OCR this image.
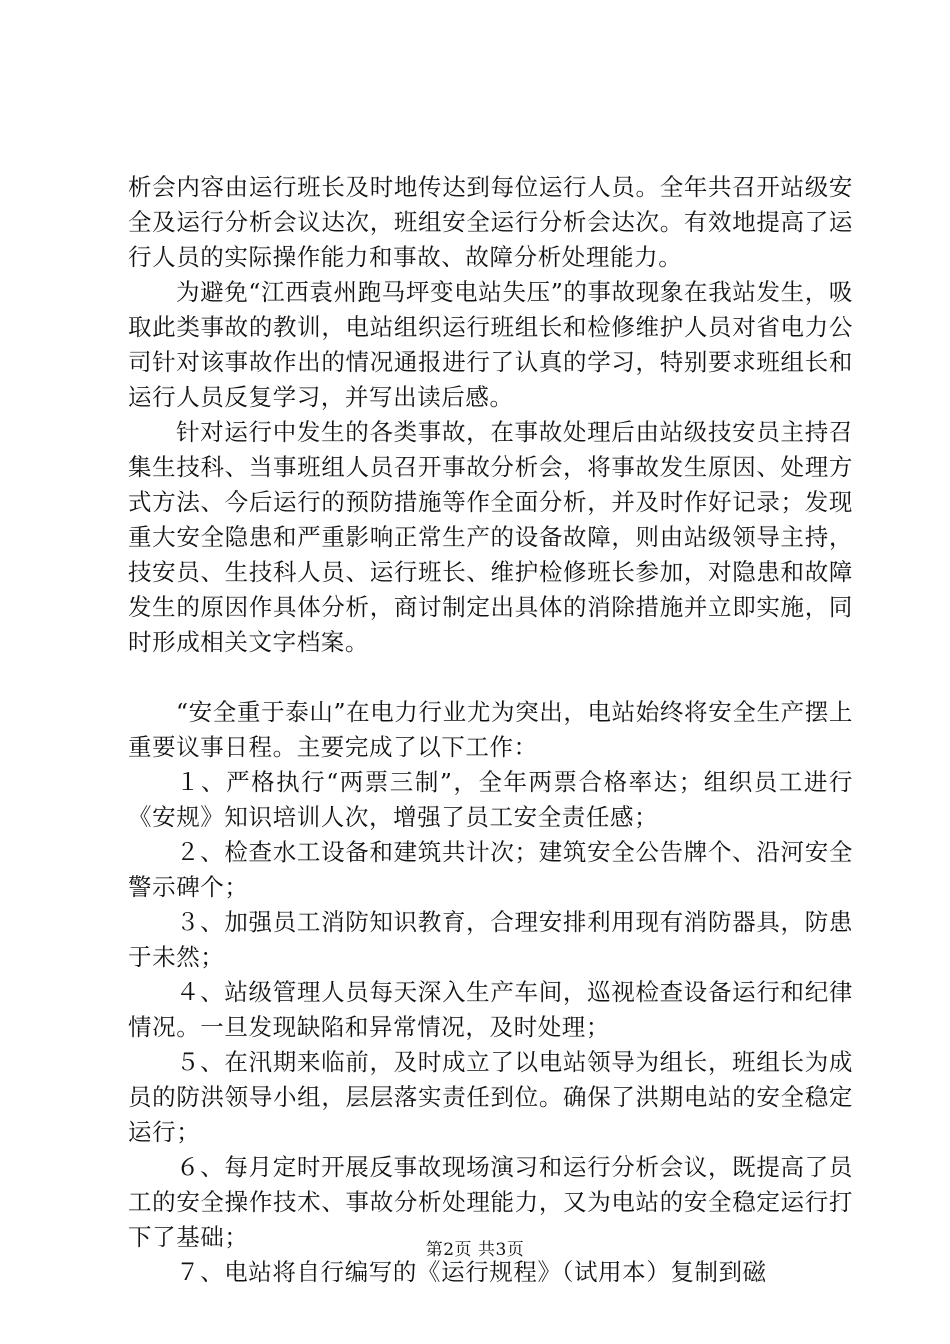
析会内容由运行班长及时地传达到每位运行人员。全年共召开站级安全及运行分析会议达次，班组安全运行分析会达次。有效地提高了运行人员的实际操作能力和事故、故障分析处理能力。

为避免“江西袁州跑马坪变电站失压”的事故现象在我站发生，吸取此类事故的教训，电站组织运行班组长和检修维护人员对省电力公司针对该事故作出的情况通报进行了认真的学习，特别要求班组长和运行人员反复学习，并写出读后感。

针对运行中发生的各类事故，在事故处理后由站级技安员主持召集生技科、当事班组人员召开事故分析会，将事故发生原因、处理方式方法、今后运行的预防措施等作全面分析，并及时作好记录；发现重大安全隐患和严重影响正常生产的设备故障，则由站级领导主持，技安员、生技科人员、运行班长、维护检修班长参加，对隐患和故障发生的原因作具体分析，商讨制定出具体的消除措施并立即实施，同时形成相关文字档案。

“安全重于泰山”在电力行业尤为突出，电站始终将安全生产摆上重要议事日程。主要完成了以下工作：

１、严格执行“两票三制”，全年两票合格率达；组织员工进行《安规》知识培训人次，增强了员工安全责任感；

２、检查水工设备和建筑共计次；建筑安全公告牌个、沿河安全警示碑个；

３、加强员工消防知识教育，合理安排利用现有消防器具，防患于未然；

４、站级管理人员每天深入生产车间，巡视检查设备运行和纪律情况。一旦发现缺陷和异常情况，及时处理；

５、在汛期来临前，及时成立了以电站领导为组长，班组长为成员的防洪领导小组，层层落实责任到位。确保了洪期电站的安全稳定运行；

６、每月定时开展反事故现场演习和运行分析会议，既提高了员工的安全操作技术、事故分析处理能力，又为电站的安全稳定运行打下了基础；

７、电站将自行编写的《运行规程》（试用本）复制到磁

第2页 共3页
